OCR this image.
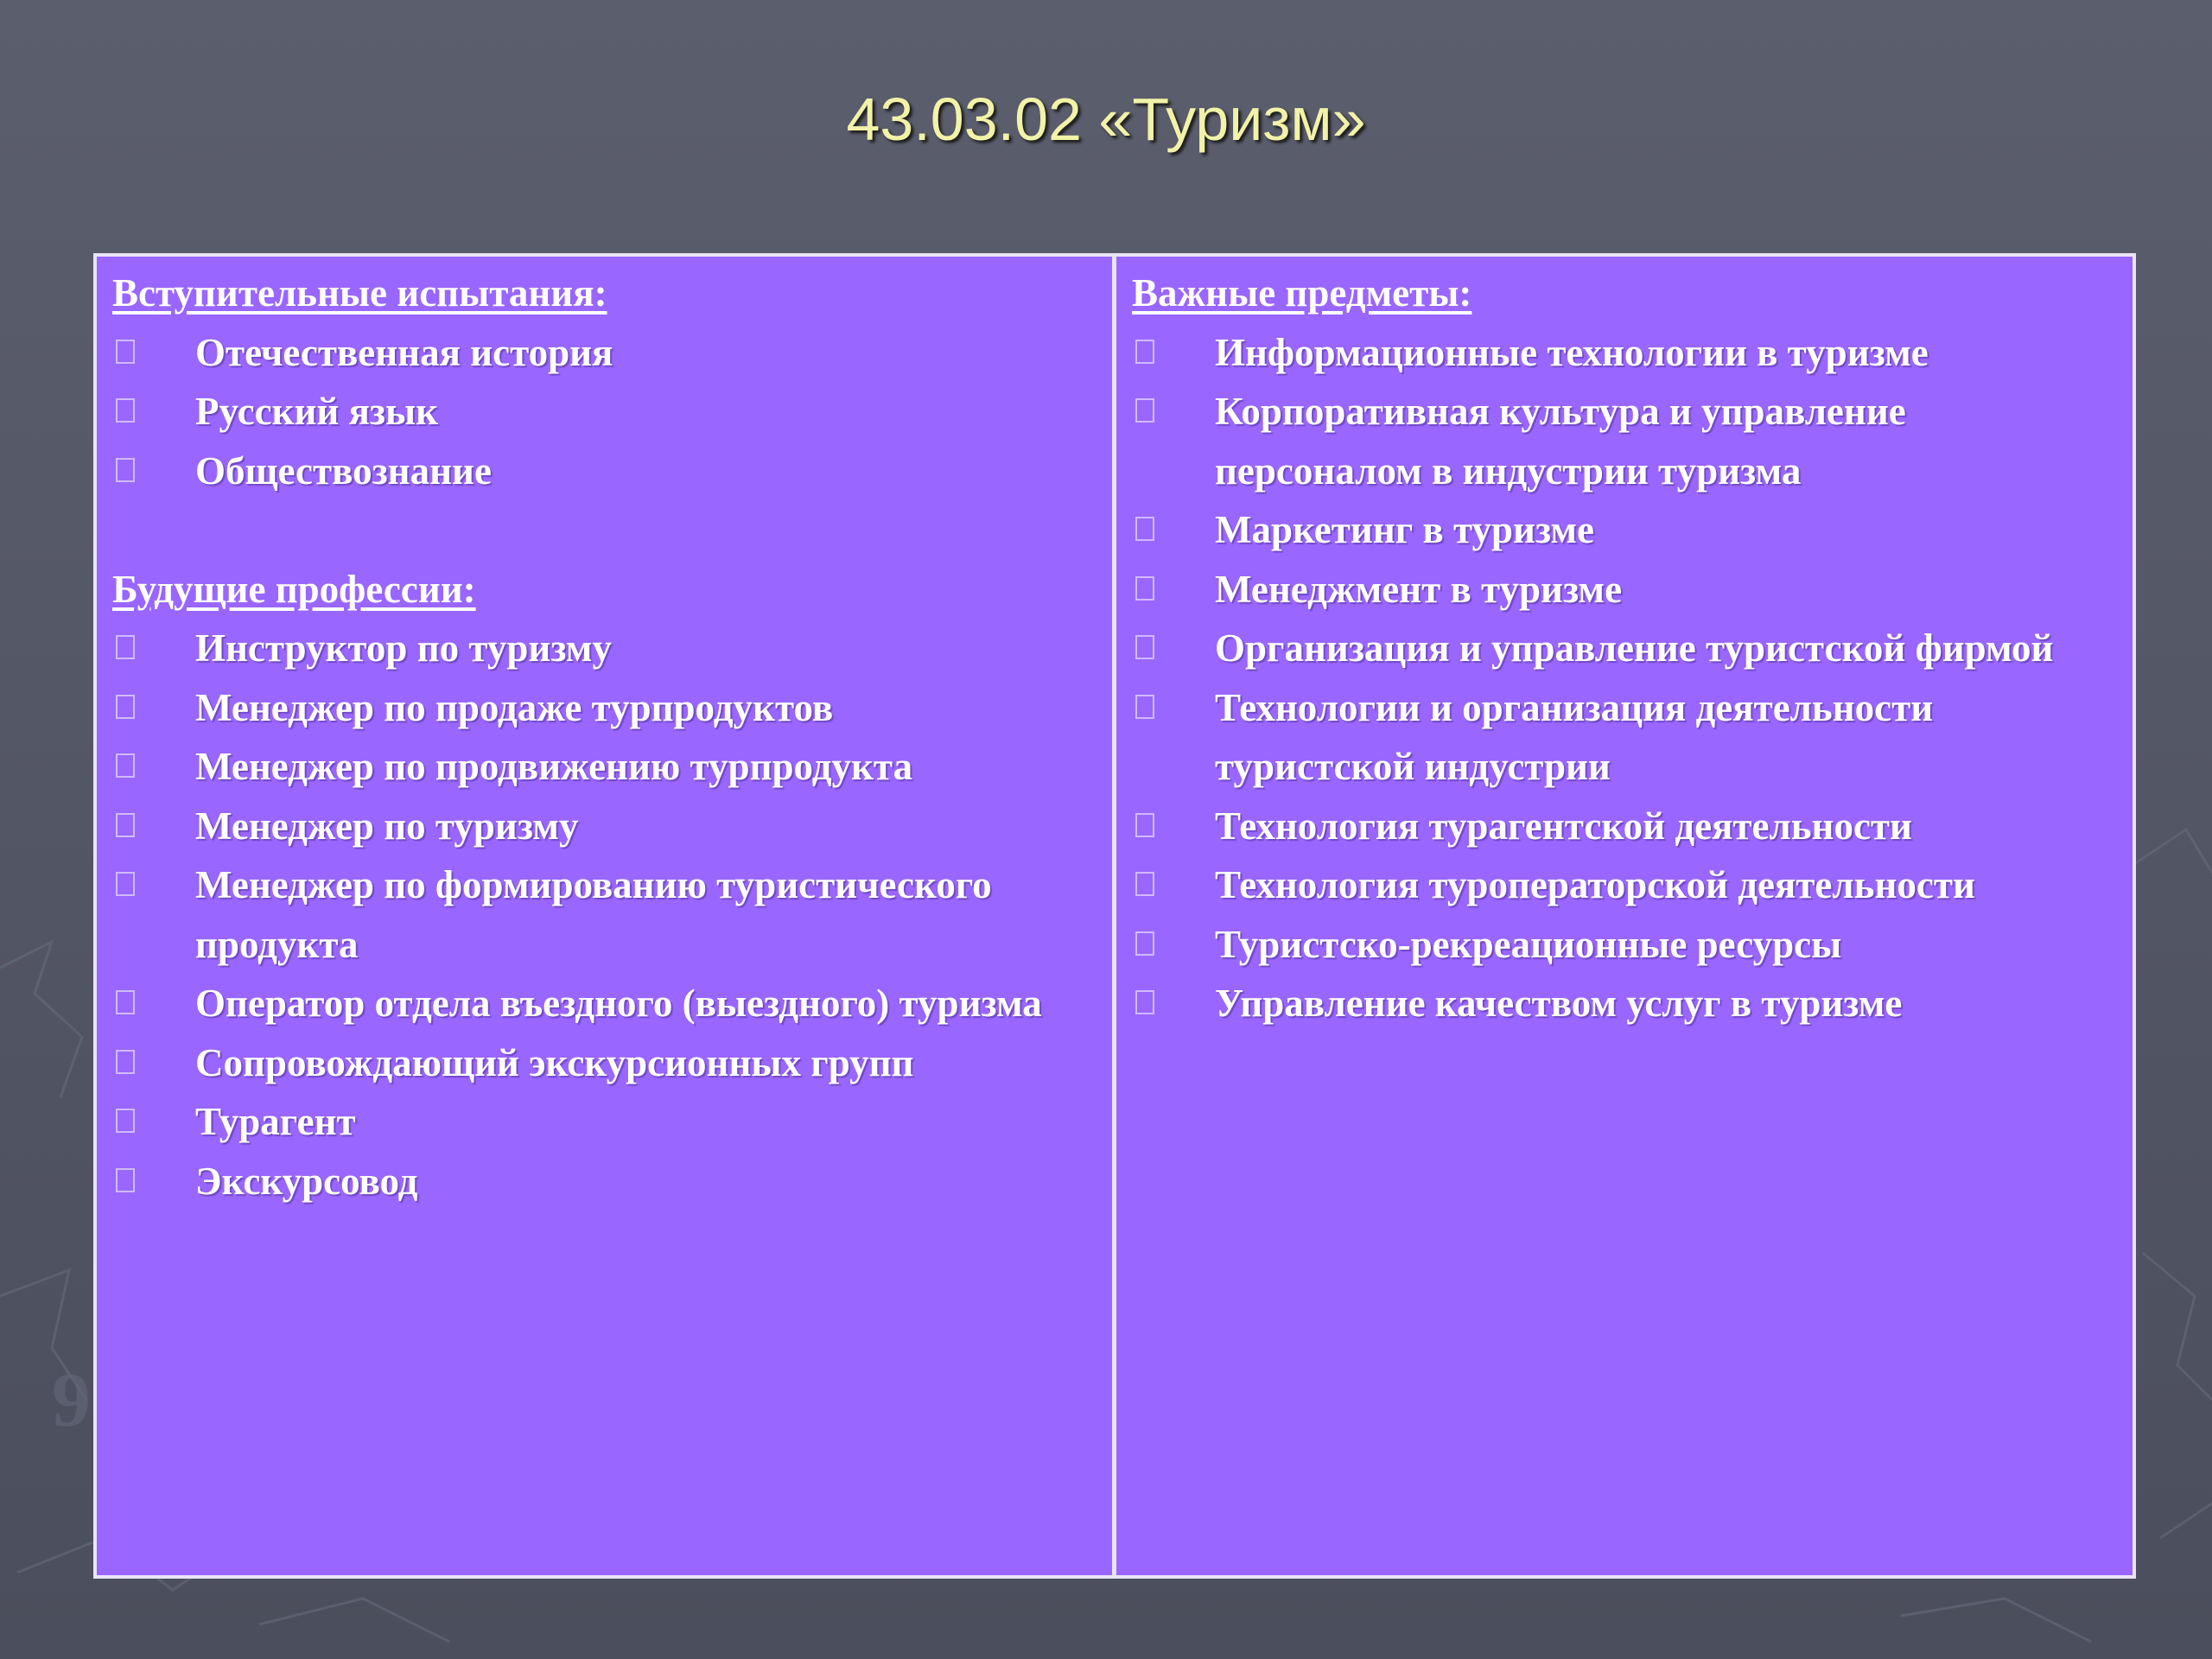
9
43.03.02 «Туризм»
Вступительные испытания:
Отечественная история
Русский язык
Обществознание
Будущие профессии:
Инструктор по туризму
Менеджер по продаже турпродуктов
Менеджер по продвижению турпродукта
Менеджер по туризму
Менеджер по формированию туристического продукта
Оператор отдела въездного (выездного) туризма
Сопровождающий экскурсионных групп
Турагент
Экскурсовод
Важные предметы:
Информационные технологии в туризме
Корпоративная культура и управление персоналом в индустрии туризма
Маркетинг в туризме
Менеджмент в туризме
Организация и управление туристской фирмой
Технологии и организация деятельности туристской индустрии
Технология турагентской деятельности
Технология туроператорской деятельности
Туристско-рекреационные ресурсы
Управление качеством услуг в туризме
